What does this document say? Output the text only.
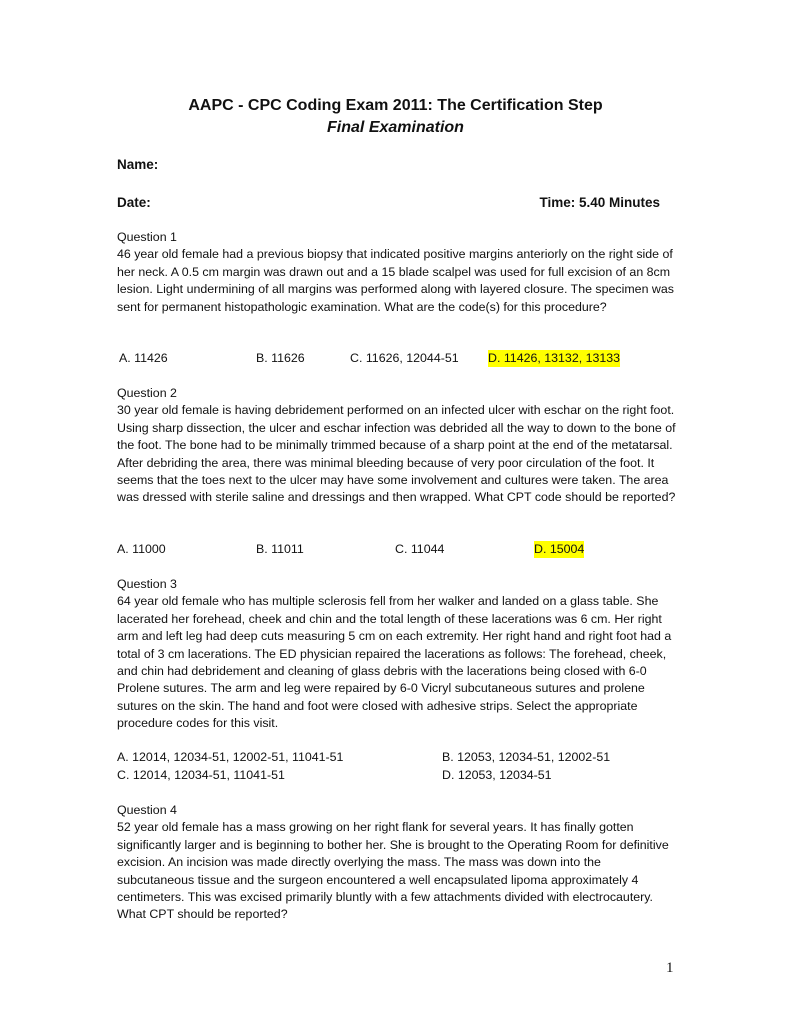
AAPC - CPC Coding Exam 2011: The Certification Step
Final Examination
Name:
Date:	Time: 5.40 Minutes
Question 1
46 year old female had a previous biopsy that indicated positive margins anteriorly on the right side of her neck. A 0.5 cm margin was drawn out and a 15 blade scalpel was used for full excision of an 8cm lesion. Light undermining of all margins was performed along with layered closure. The specimen was sent for permanent histopathologic examination. What are the code(s) for this procedure?
A. 11426	B. 11626	C. 11626, 12044-51 D. 11426, 13132, 13133
Question 2
30 year old female is having debridement performed on an infected ulcer with eschar on the right foot. Using sharp dissection, the ulcer and eschar infection was debrided all the way to down to the bone of the foot. The bone had to be minimally trimmed because of a sharp point at the end of the metatarsal. After debriding the area, there was minimal bleeding because of very poor circulation of the foot. It seems that the toes next to the ulcer may have some involvement and cultures were taken. The area was dressed with sterile saline and dressings and then wrapped. What CPT code should be reported?
A. 11000	B. 11011	C. 11044	D. 15004
Question 3
64 year old female who has multiple sclerosis fell from her walker and landed on a glass table. She lacerated her forehead, cheek and chin and the total length of these lacerations was 6 cm. Her right arm and left leg had deep cuts measuring 5 cm on each extremity. Her right hand and right foot had a total of 3 cm lacerations. The ED physician repaired the lacerations as follows: The forehead, cheek, and chin had debridement and cleaning of glass debris with the lacerations being closed with 6-0 Prolene sutures. The arm and leg were repaired by 6-0 Vicryl subcutaneous sutures and prolene sutures on the skin. The hand and foot were closed with adhesive strips. Select the appropriate procedure codes for this visit.
A. 12014, 12034-51, 12002-51, 11041-51	B. 12053, 12034-51, 12002-51
C. 12014, 12034-51, 11041-51	D. 12053, 12034-51
Question 4
52 year old female has a mass growing on her right flank for several years. It has finally gotten significantly larger and is beginning to bother her. She is brought to the Operating Room for definitive excision. An incision was made directly overlying the mass. The mass was down into the subcutaneous tissue and the surgeon encountered a well encapsulated lipoma approximately 4 centimeters. This was excised primarily bluntly with a few attachments divided with electrocautery. What CPT should be reported?
1
